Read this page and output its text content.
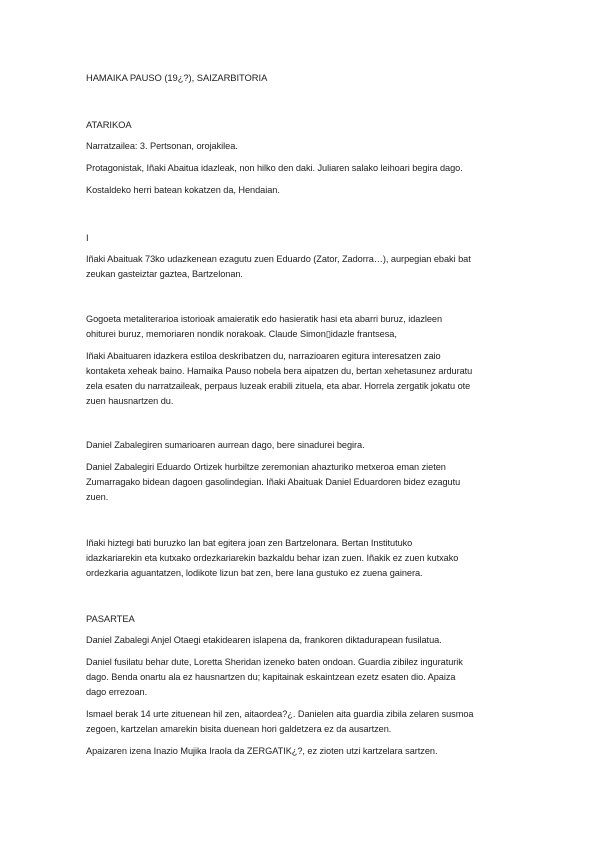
HAMAIKA PAUSO (19¿?), SAIZARBITORIA

ATARIKOA

Narratzailea: 3. Pertsonan, orojakilea.

Protagonistak, Iñaki Abaitua idazleak, non hilko den daki. Juliaren salako leihoari begira dago.

Kostaldeko herri batean kokatzen da, Hendaian.

I

Iñaki Abaituak 73ko udazkenean ezagutu zuen Eduardo (Zator, Zadorra…), aurpegian ebaki bat

zeukan gasteiztar gaztea, Bartzelonan.

Gogoeta metaliterarioa istorioak amaieratik edo hasieratik hasi eta abarri buruz, idazleen

ohiturei buruz, memoriaren nondik norakoak. Claude Simon▯idazle frantsesa,

Iñaki Abaituaren idazkera estiloa deskribatzen du, narrazioaren egitura interesatzen zaio

kontaketa xeheak baino. Hamaika Pauso nobela bera aipatzen du, bertan xehetasunez arduratu

zela esaten du narratzaileak, perpaus luzeak erabili zituela, eta abar. Horrela zergatik jokatu ote

zuen hausnartzen du.

Daniel Zabalegiren sumarioaren aurrean dago, bere sinadurei begira.

Daniel Zabalegiri Eduardo Ortizek hurbiltze zeremonian ahazturiko metxeroa eman zieten

Zumarragako bidean dagoen gasolindegian. Iñaki Abaituak Daniel Eduardoren bidez ezagutu

zuen.

Iñaki hiztegi bati buruzko lan bat egitera joan zen Bartzelonara. Bertan Institutuko

idazkariarekin eta kutxako ordezkariarekin bazkaldu behar izan zuen. Iñakik ez zuen kutxako

ordezkaria aguantatzen, lodikote lizun bat zen, bere lana gustuko ez zuena gainera.

PASARTEA

Daniel Zabalegi Anjel Otaegi etakidearen islapena da, frankoren diktadurapean fusilatua.

Daniel fusilatu behar dute, Loretta Sheridan izeneko baten ondoan. Guardia zibilez inguraturik

dago. Benda onartu ala ez hausnartzen du; kapitainak eskaintzean ezetz esaten dio. Apaiza

dago errezoan.

Ismael berak 14 urte zituenean hil zen, aitaordea?¿. Danielen aita guardia zibila zelaren susmoa

zegoen, kartzelan amarekin bisita duenean hori galdetzera ez da ausartzen.

Apaizaren izena Inazio Mujika Iraola da ZERGATIK¿?, ez zioten utzi kartzelara sartzen.
